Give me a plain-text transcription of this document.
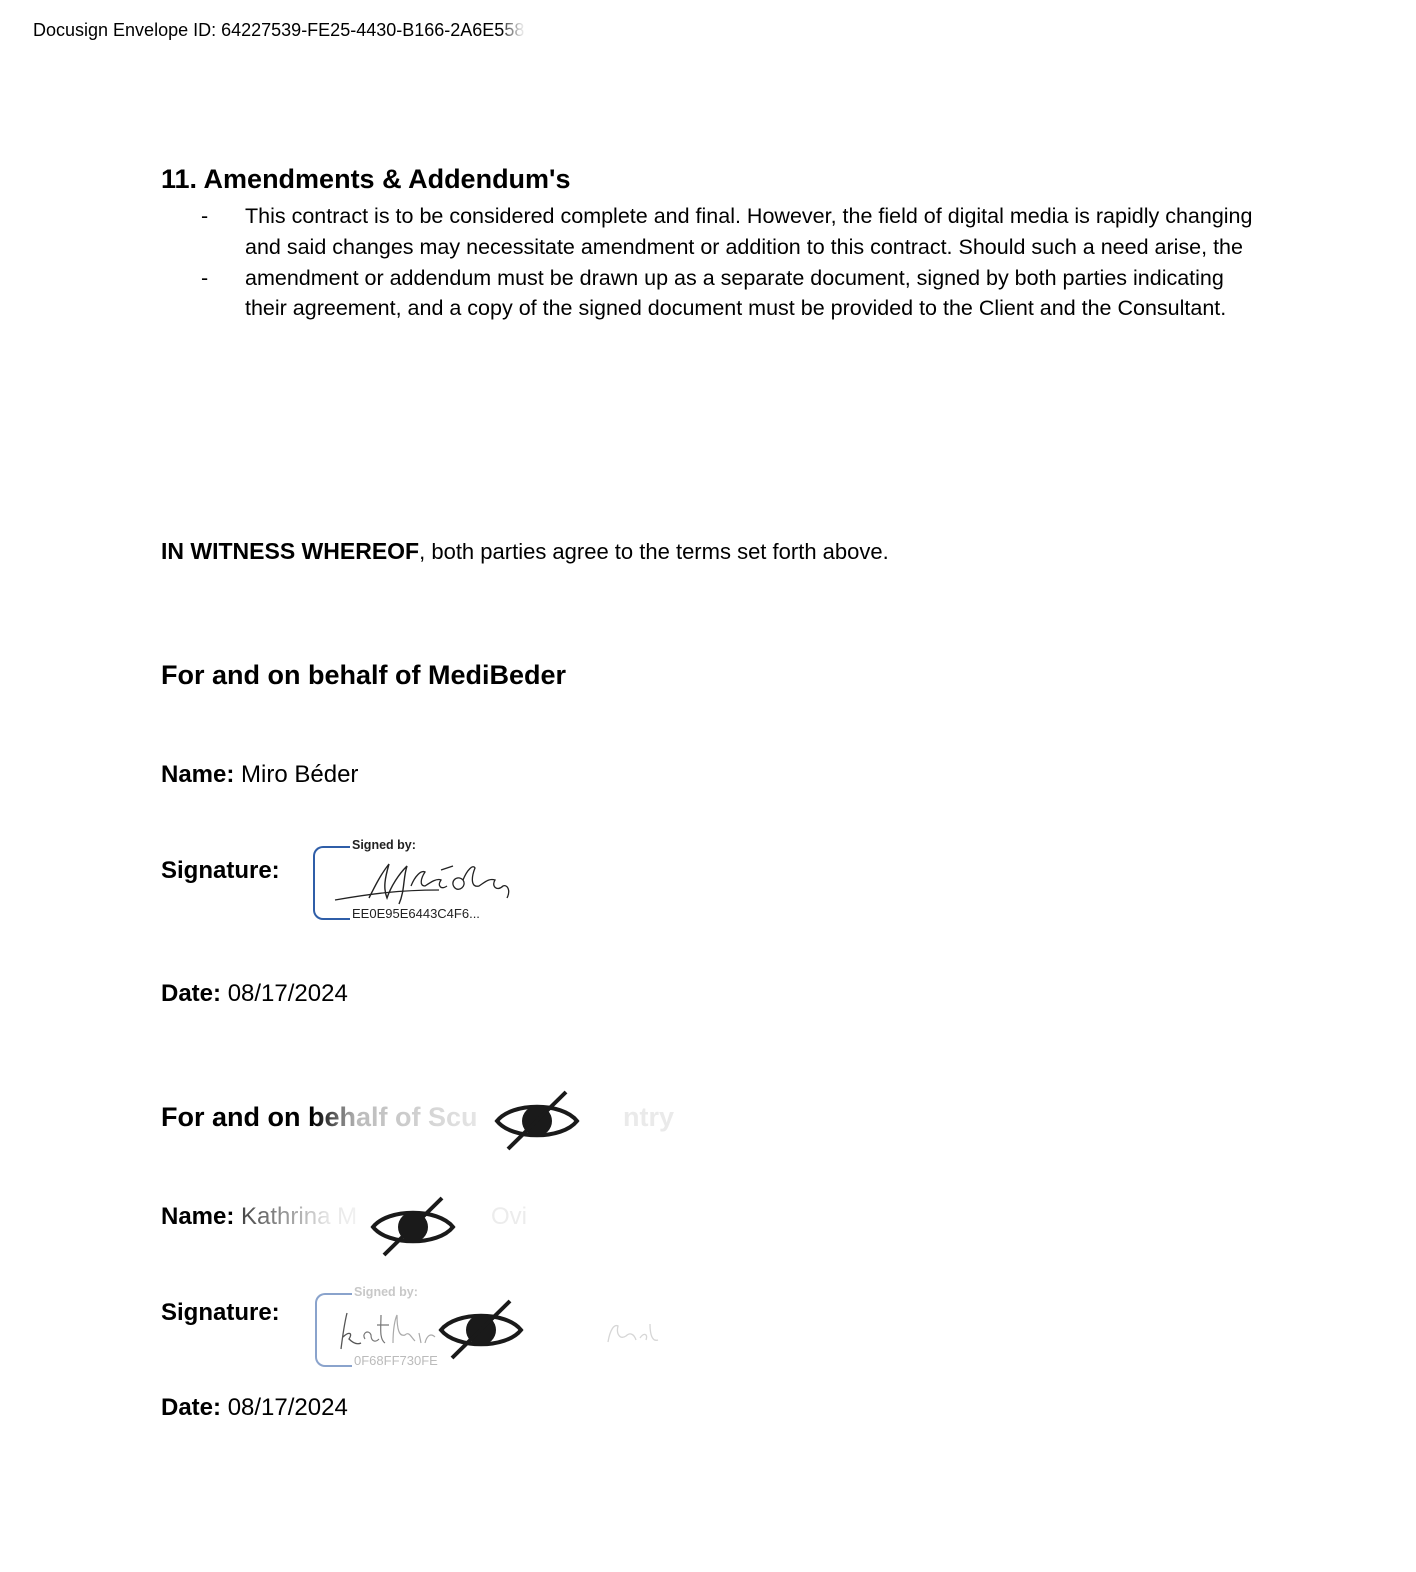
Docusign Envelope ID: 64227539-FE25-4430-B166-2A6E558
11. Amendments & Addendum's
-
-

This contract is to be considered complete and final. However, the field of digital media is rapidly changing and said changes may necessitate amendment or addition to this contract. Should such a need arise, the amendment or addendum must be drawn up as a separate document, signed by both parties indicating their agreement, and a copy of the signed document must be provided to the Client and the Consultant.

IN WITNESS WHEREOF, both parties agree to the terms set forth above.
For and on behalf of MediBeder
Name: Miro Béder
Signature:
Signed by:
EE0E95E6443C4F6...
Date: 08/17/2024
For and on behalf of Scu	ntry
Name: Kathrina M	Ovi
Signature:
Signed by:
0F68FF730FE
Date: 08/17/2024
